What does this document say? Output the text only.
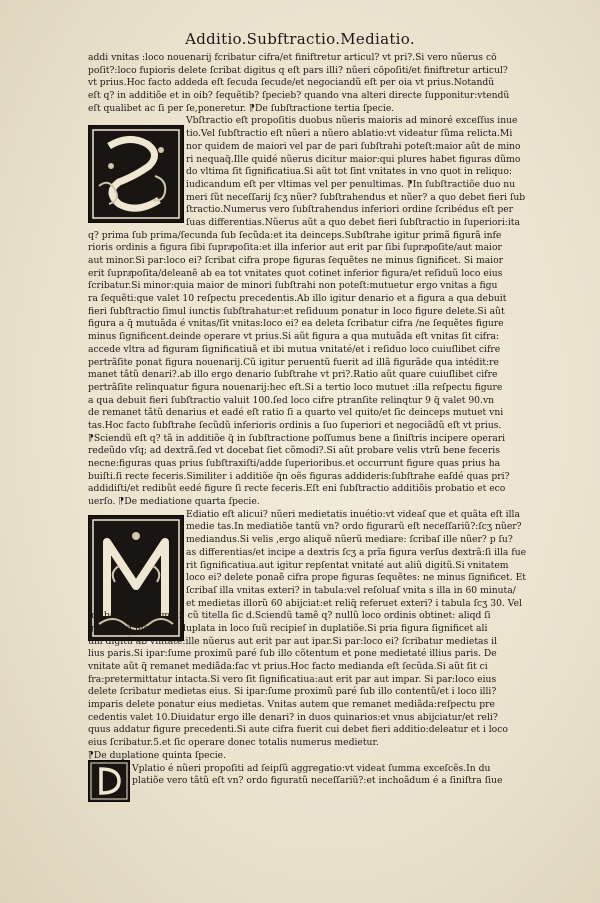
Additio.Subftractio.Mediatio.
addi vnitas :loco nouenarij fcribatur cifra/et finiftretur articul? vt pri?.Si vero nũerus cō
poſit?:loco fupioris delete ſcribat digitus q eſt pars illi? nũeri cōpoſiti/et finiftretur articul?
vt prius.Hoc facto addeda eſt ſecuda ſecude/et negociandũ eſt per oia vt prius.Notandũ
eſt q? in additiõe et in oib? ſequẽtib? ſpecieb? quando vna alteri directe ſupponitur:vtendũ
eſt qualibet ac ſi per ſe,poneretur. ⁋De ſubſtractione tertia ſpecie.
Vbſtractio eſt propoſitis duobus nũeris maioris ad minoré exceſſus inue
tio.Vel ſubſtractio eſt nũeri a nũero ablatio:vt videatur ſũma relicta.Mi
nor quidem de maiori vel par de pari ſubſtrahi poteſt:maior aũt de mino
ri nequaq̃.Ille quidé nũerus dicitur maior:qui plures habet figuras dũmo
do vltima ſit ſignificatiua.Si aũt tot ſint vnitates in vno quot in reliquo:
iudicandum eſt per vltimas vel per penultimas. ⁋In ſubſtractiõe duo nu
meri ſũt neceſſarij ſcʒ nũer? ſubſtrahendus et nũer? a quo debet fieri ſub
ſtractio.Numerus vero ſubſtrahendus inferiori ordine ſcribédus eſt per
ſuas differentias.Nũerus aũt a quo debet fieri ſubſtractio in ſuperiori:ita
q? prima ſub prima/ſecunda ſub ſecũda:et ita deinceps.Subſtrahe igitur primã figurã infe
rioris ordinis a figura ſibi ſupraͤpoſita:et illa inferior aut erit par ſibi ſupraͤpoſite/aut maior
aut minor.Si par:loco ei? ſcribat cifra prope figuras ſequẽtes ne minus ſignificet. Si maior
erit ſupraͤpoſita/deleanẽ ab ea tot vnitates quot cotinet inferior figura/et reſiduũ loco eius
ſcribatur.Si minor:quia maior de minori ſubſtrahi non poteſt:mutuetur ergo vnitas a figu
ra ſequẽti:que valet 10 reſpectu precedentis.Ab illo igitur denario et a figura a qua debuit
fieri ſubſtractio ſimul iunctis ſubſtrahatur:et reſiduum ponatur in loco figure delete.Si aũt
figura a q̃ mutuãda é vnitas/ſit vnitas:loco ei? ea deleta ſcribatur cifra /ne ſequẽtes figure
minus ſignificent.deinde operare vt prius.Si aũt figura a qua mutuãda eſt vnitas ſit cifra:
accede vltra ad figuram ſignificatiuã et ibi mutua vnitaté/et i reſiduo loco cuiuſlibet cifre
pertrãſite ponat figura nouenarij.Cũ igitur peruentũ fuerit ad illã figurãde qua intédit:re
manet tãtũ denari?.ab illo ergo denario ſubſtrahe vt pri?.Ratio aũt quare cuiuſlibet cifre
pertrãſite relinquatur figura nouenarij:hec eſt.Si a tertio loco mutuet :illa reſpectu figure
a qua debuit fieri ſubſtractio valuit 100.ſed loco cifre ptranſite relinqtur 9 q̃ valet 90.vn
de remanet tãtũ denarius et eadé eſt ratio ſi a quarto vel quito/et ſic deinceps mutuet vni
tas.Hoc facto ſubſtrahe ſecũdũ inferioris ordinis a ſuo ſuperiori et negociãdũ eſt vt prius.
⁋Sciendũ eſt q? tã in additiõe q̃ in ſubſtractione poſſumus bene a ſiniſtris incipere operari
redeũdo vſq; ad dextrã.ſed vt docebat ſiet cõmodi?.Si aũt probare velis vtrũ bene feceris
necne:figuras quas prius ſubſtraxiſti/adde ſuperioribus.et occurrunt figure quas prius ha
buiſti.ſi recte feceris.Similiter i additiõe q̃n oẽs figuras addideris:ſubſtrahe eaſdé quas pri?
addidiſti/et redibũt eedé figure ſi recte feceris.Eſt eni ſubſtractio additiõis probatio et eco
uerſo. ⁋De mediatione quarta ſpecie.
Ediatio eſt alicui? nũeri medietatis inuétio:vt videaſ que et quãta eſt illa
medie tas.In mediatiõe tantũ vn? ordo figurarũ eſt neceſſariũ?:ſcʒ nũer?
mediandus.Si velis ,ergo aliquẽ nũerũ mediare: ſcribaſ ille nũer? p ſu?
as differentias/et incipe a dextris ſcʒ a prĩa figura verſus dextrã:ſi illa fue
rit ſignificatiua.aut igitur repſentat vnitaté aut aliũ digitũ.Si vnitatem
loco ei? delete ponaẽ cifra prope figuras ſequẽtes: ne minus ſignificet. Et
ſcribaſ illa vnitas exteri? in tabula:vel reſoluaſ vnita s illa in 60 minuta/
et medietas illorũ 60 abijciat:et reliq̃ referuet exteri? i tabula ſcʒ 30. Vel
ſcribat figura dimidij cũ titella ſic d.Sciendũ tamẽ q? nullũ loco ordinis obtinet: aliqd ſi
gnificat.q̃ medietas duplata in loco ſuũ recipieſ in duplatiõe.Si pria figura ſignificet ali
um digitũ ab vnitate:ille nũerus aut erit par aut ipar.Si par:loco ei? ſcribatur medietas il
lius paris.Si ipar:ſume proximũ paré ſub illo cõtentum et pone medietaté illius paris. De
vnitate aũt q̃ remanet mediãda:fac vt prius.Hoc facto medianda eſt ſecũda.Si aũt ſit ci
fra:pretermittatur intacta.Si vero ſit ſignificatiua:aut erit par aut impar. Si par:loco eius
delete ſcribatur medietas eius. Si ipar:ſume proximũ paré ſub illo contentũ/et i loco illi?
imparis delete ponatur eius medietas. Vnitas autem que remanet mediãda:reſpectu pre
cedentis valet 10.Diuidatur ergo ille denari? in duos quinarios:et vnus abijciatur/et reli?
quus addatur figure precedenti.Si aute cifra fuerit cui debet fieri additio:deleatur et i loco
eius ſcribatur.5.et ſic operare donec totalis numerus medietur.
⁋De duplatione quinta ſpecie.
Vplatio é nũeri propoſiti ad ſeipſũ aggregatio:vt videat ſumma exceſcẽs.In du
platiõe vero tãtũ eſt vn? ordo figuratũ neceſſariũ?:et inchoãdum é a ſiniſtra ſiue
